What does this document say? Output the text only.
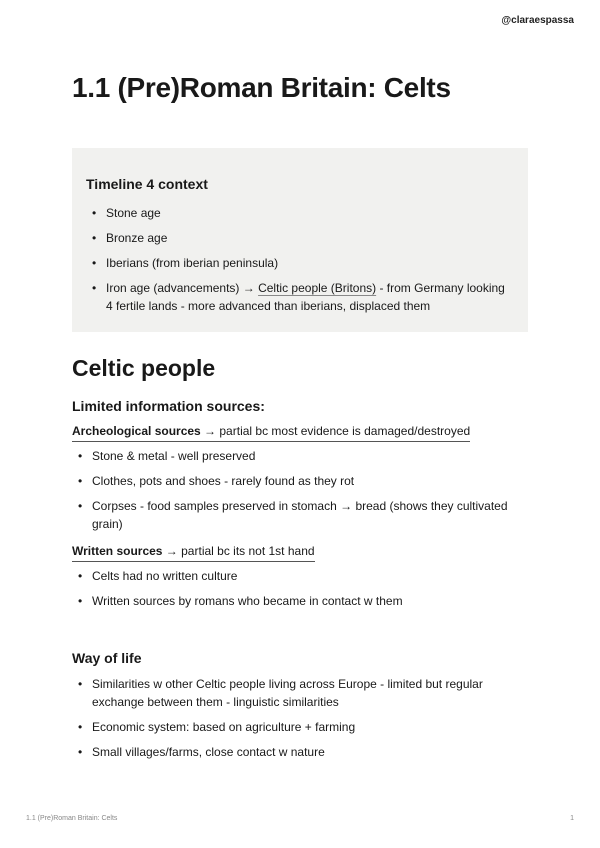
@claraespassa
1.1 (Pre)Roman Britain: Celts
Timeline 4 context
• Stone age
• Bronze age
• Iberians (from iberian peninsula)
• Iron age (advancements) → Celtic people (Britons) - from Germany looking 4 fertile lands - more advanced than iberians, displaced them
Celtic people
Limited information sources:
Archeological sources → partial bc most evidence is damaged/destroyed
• Stone & metal - well preserved
• Clothes, pots and shoes - rarely found as they rot
• Corpses - food samples preserved in stomach → bread (shows they cultivated grain)
Written sources → partial bc its not 1st hand
• Celts had no written culture
• Written sources by romans who became in contact w them
Way of life
• Similarities w other Celtic people living across Europe - limited but regular exchange between them - linguistic similarities
• Economic system: based on agriculture + farming
• Small villages/farms, close contact w nature
1.1 (Pre)Roman Britain: Celts	1
